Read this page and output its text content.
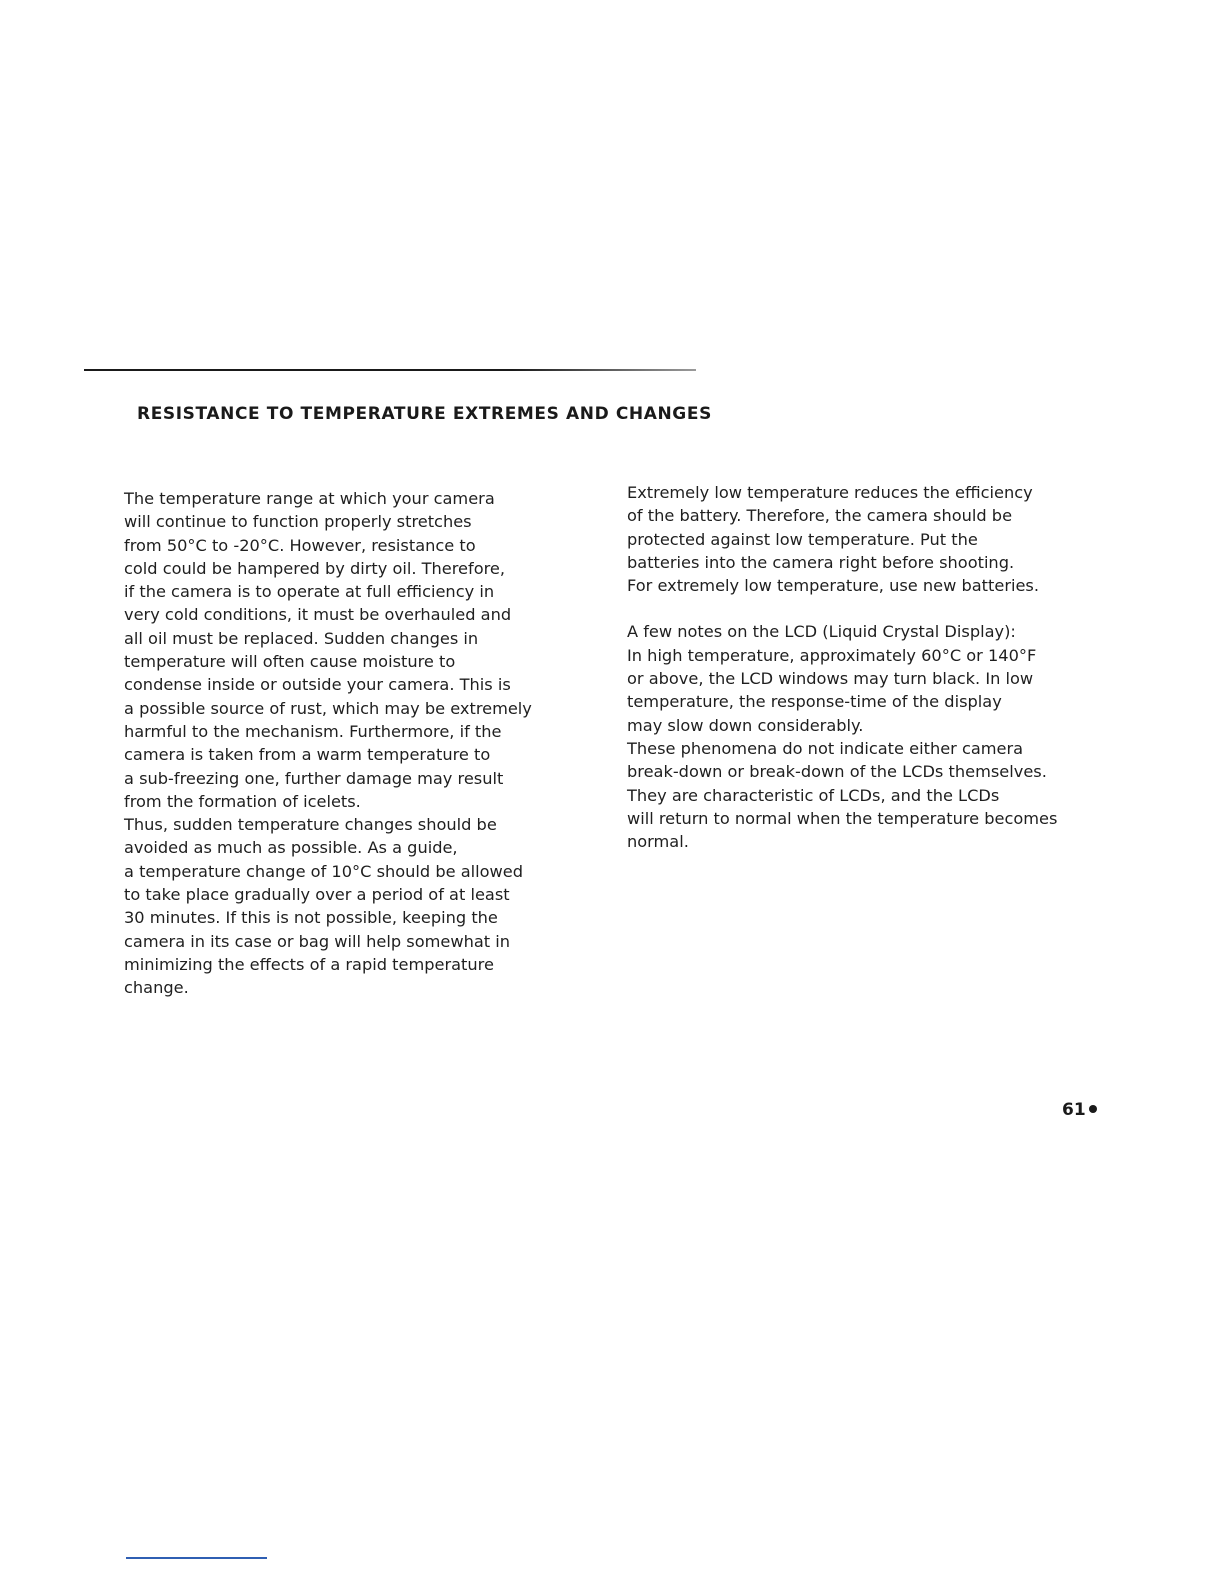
RESISTANCE TO TEMPERATURE EXTREMES AND CHANGES
The temperature range at which your camera
will continue to function properly stretches
from 50°C to -20°C. However, resistance to
cold could be hampered by dirty oil. Therefore,
if the camera is to operate at full efficiency in
very cold conditions, it must be overhauled and
all oil must be replaced. Sudden changes in
temperature will often cause moisture to
condense inside or outside your camera. This is
a possible source of rust, which may be extremely
harmful to the mechanism. Furthermore, if the
camera is taken from a warm temperature to
a sub-freezing one, further damage may result
from the formation of icelets.
Thus, sudden temperature changes should be
avoided as much as possible. As a guide,
a temperature change of 10°C should be allowed
to take place gradually over a period of at least
30 minutes. If this is not possible, keeping the
camera in its case or bag will help somewhat in
minimizing the effects of a rapid temperature
change.
Extremely low temperature reduces the efficiency
of the battery. Therefore, the camera should be
protected against low temperature. Put the
batteries into the camera right before shooting.
For extremely low temperature, use new batteries.
A few notes on the LCD (Liquid Crystal Display):
In high temperature, approximately 60°C or 140°F
or above, the LCD windows may turn black. In low
temperature, the response-time of the display
may slow down considerably.
These phenomena do not indicate either camera
break-down or break-down of the LCDs themselves.
They are characteristic of LCDs, and the LCDs
will return to normal when the temperature becomes
normal.
61
